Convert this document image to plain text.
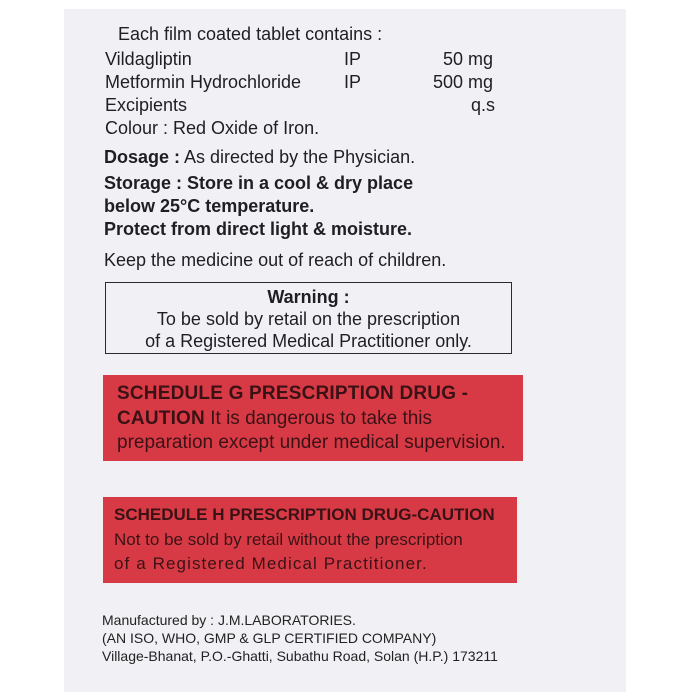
Each film coated tablet contains :
Vildagliptin	IP	50 mg
Metformin Hydrochloride IP	500 mg
Excipients	q.s
Colour : Red Oxide of Iron.
Dosage : As directed by the Physician.
Storage : Store in a cool & dry place
below 25°C temperature.
Protect from direct light & moisture.
Keep the medicine out of reach of children.
Warning :
To be sold by retail on the prescription
of a Registered Medical Practitioner only.
SCHEDULE G PRESCRIPTION DRUG -
CAUTION It is dangerous to take this
preparation except under medical supervision.
SCHEDULE H PRESCRIPTION DRUG-CAUTION
Not to be sold by retail without the prescription
of a Registered Medical Practitioner.
Manufactured by : J.M.LABORATORIES.
(AN ISO, WHO, GMP & GLP CERTIFIED COMPANY)
Village-Bhanat, P.O.-Ghatti, Subathu Road, Solan (H.P.) 173211
